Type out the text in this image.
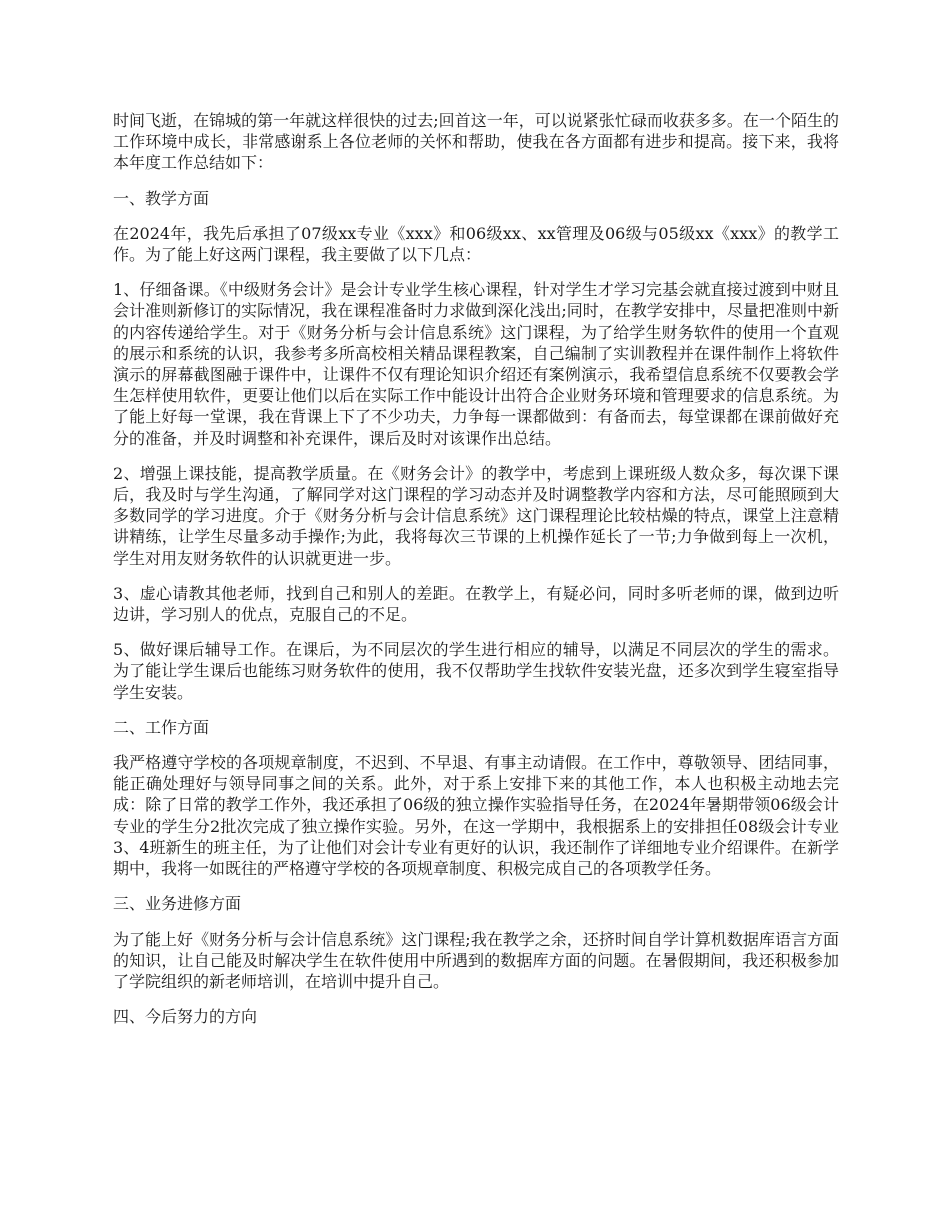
时间飞逝，在锦城的第一年就这样很快的过去;回首这一年，可以说紧张忙碌而收获多多。在一个陌生的工作环境中成长，非常感谢系上各位老师的关怀和帮助，使我在各方面都有进步和提高。接下来，我将本年度工作总结如下：

一、教学方面

在2024年，我先后承担了07级xx专业《xxx》和06级xx、xx管理及06级与05级xx《xxx》的教学工作。为了能上好这两门课程，我主要做了以下几点：

1、仔细备课。《中级财务会计》是会计专业学生核心课程，针对学生才学习完基会就直接过渡到中财且会计准则新修订的实际情况，我在课程准备时力求做到深化浅出;同时，在教学安排中，尽量把准则中新的内容传递给学生。对于《财务分析与会计信息系统》这门课程，为了给学生财务软件的使用一个直观的展示和系统的认识，我参考多所高校相关精品课程教案，自己编制了实训教程并在课件制作上将软件演示的屏幕截图融于课件中，让课件不仅有理论知识介绍还有案例演示，我希望信息系统不仅要教会学生怎样使用软件，更要让他们以后在实际工作中能设计出符合企业财务环境和管理要求的信息系统。为了能上好每一堂课，我在背课上下了不少功夫，力争每一课都做到：有备而去，每堂课都在课前做好充分的准备，并及时调整和补充课件，课后及时对该课作出总结。

2、增强上课技能，提高教学质量。在《财务会计》的教学中，考虑到上课班级人数众多，每次课下课后，我及时与学生沟通，了解同学对这门课程的学习动态并及时调整教学内容和方法，尽可能照顾到大多数同学的学习进度。介于《财务分析与会计信息系统》这门课程理论比较枯燥的特点，课堂上注意精讲精练，让学生尽量多动手操作;为此，我将每次三节课的上机操作延长了一节;力争做到每上一次机，学生对用友财务软件的认识就更进一步。

3、虚心请教其他老师，找到自己和别人的差距。在教学上，有疑必问，同时多听老师的课，做到边听边讲，学习别人的优点，克服自己的不足。

5、做好课后辅导工作。在课后，为不同层次的学生进行相应的辅导，以满足不同层次的学生的需求。为了能让学生课后也能练习财务软件的使用，我不仅帮助学生找软件安装光盘，还多次到学生寝室指导学生安装。

二、工作方面

我严格遵守学校的各项规章制度，不迟到、不早退、有事主动请假。在工作中，尊敬领导、团结同事，能正确处理好与领导同事之间的关系。此外，对于系上安排下来的其他工作，本人也积极主动地去完成：除了日常的教学工作外，我还承担了06级的独立操作实验指导任务，在2024年暑期带领06级会计专业的学生分2批次完成了独立操作实验。另外，在这一学期中，我根据系上的安排担任08级会计专业3、4班新生的班主任，为了让他们对会计专业有更好的认识，我还制作了详细地专业介绍课件。在新学期中，我将一如既往的严格遵守学校的各项规章制度、积极完成自己的各项教学任务。

三、业务进修方面

为了能上好《财务分析与会计信息系统》这门课程;我在教学之余，还挤时间自学计算机数据库语言方面的知识，让自己能及时解决学生在软件使用中所遇到的数据库方面的问题。在暑假期间，我还积极参加了学院组织的新老师培训，在培训中提升自己。

四、今后努力的方向
